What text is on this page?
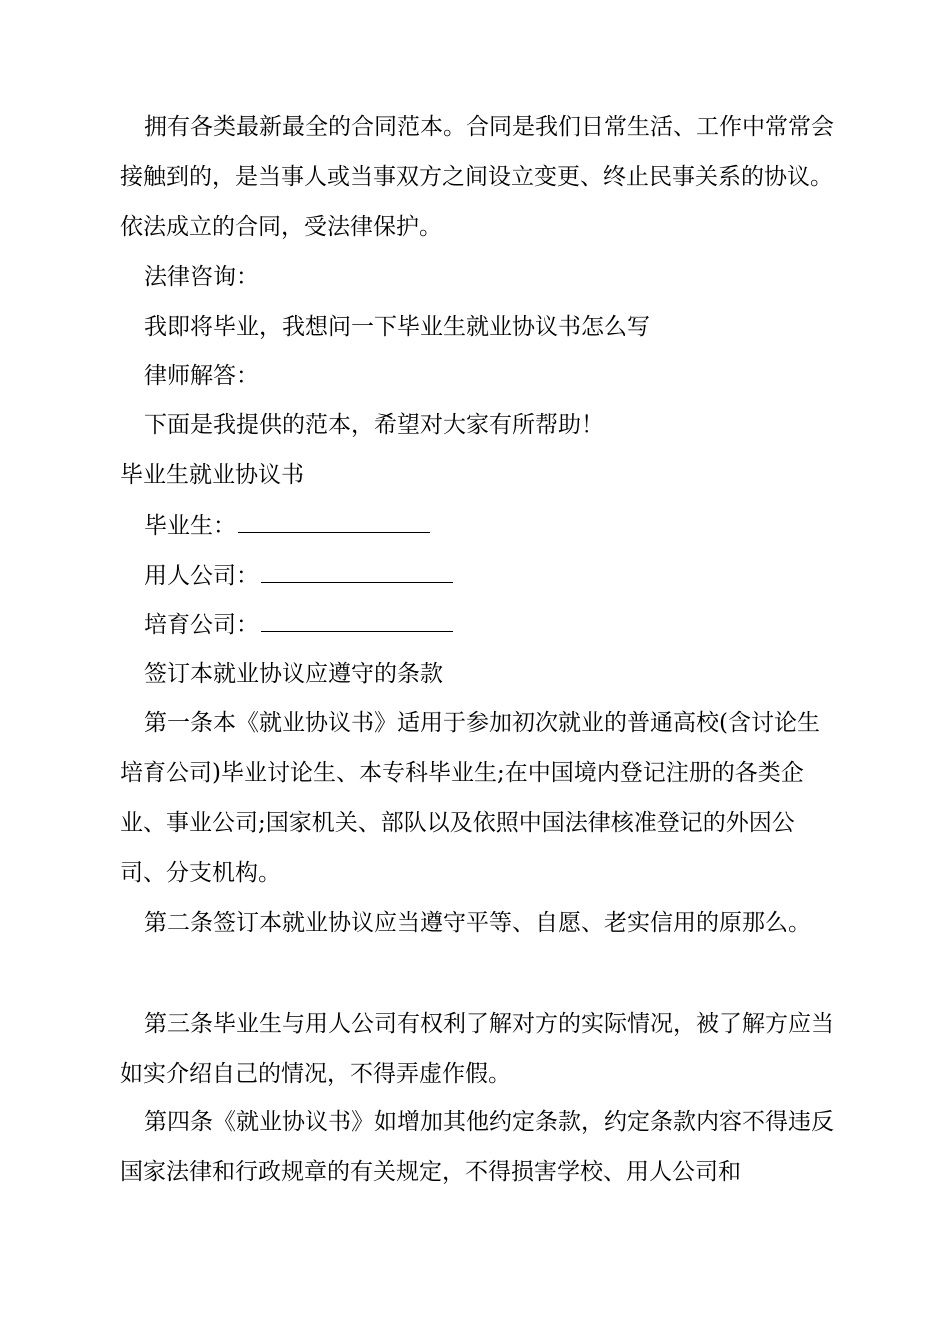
拥有各类最新最全的合同范本。合同是我们日常生活、工作中常常会接触到的，是当事人或当事双方之间设立变更、终止民事关系的协议。依法成立的合同，受法律保护。

法律咨询：

我即将毕业，我想问一下毕业生就业协议书怎么写

律师解答：

下面是我提供的范本，希望对大家有所帮助！

毕业生就业协议书

毕业生：
用人公司：
培育公司：

签订本就业协议应遵守的条款

第一条本《就业协议书》适用于参加初次就业的普通高校(含讨论生培育公司)毕业讨论生、本专科毕业生;在中国境内登记注册的各类企业、事业公司;国家机关、部队以及依照中国法律核准登记的外因公司、分支机构。

第二条签订本就业协议应当遵守平等、自愿、老实信用的原那么。

第三条毕业生与用人公司有权利了解对方的实际情况，被了解方应当如实介绍自己的情况，不得弄虚作假。

第四条《就业协议书》如增加其他约定条款，约定条款内容不得违反国家法律和行政规章的有关规定，不得损害学校、用人公司和
